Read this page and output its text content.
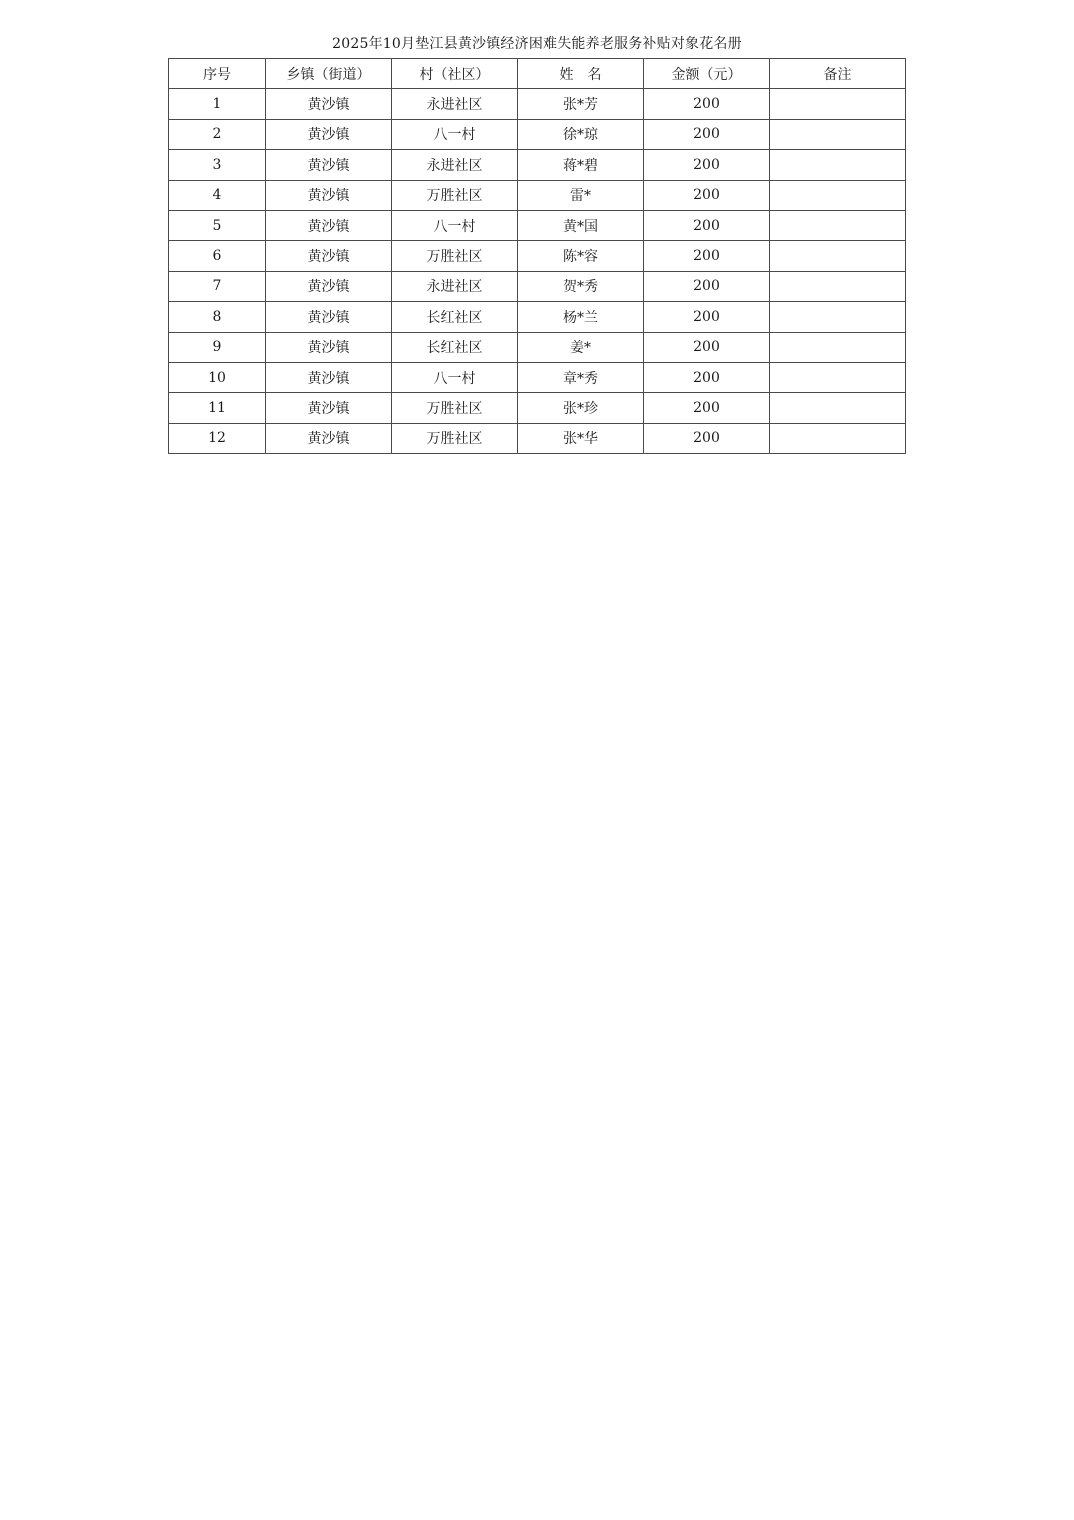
2025年10月垫江县黄沙镇经济困难失能养老服务补贴对象花名册
序号	乡镇（街道）	村（社区）	姓　名	金额（元）	备注
1	黄沙镇	永进社区	张*芳	200	
2	黄沙镇	八一村	徐*琼	200	
3	黄沙镇	永进社区	蒋*碧	200	
4	黄沙镇	万胜社区	雷*	200	
5	黄沙镇	八一村	黄*国	200	
6	黄沙镇	万胜社区	陈*容	200	
7	黄沙镇	永进社区	贺*秀	200	
8	黄沙镇	长红社区	杨*兰	200	
9	黄沙镇	长红社区	姜*	200	
10	黄沙镇	八一村	章*秀	200	
11	黄沙镇	万胜社区	张*珍	200	
12	黄沙镇	万胜社区	张*华	200	
